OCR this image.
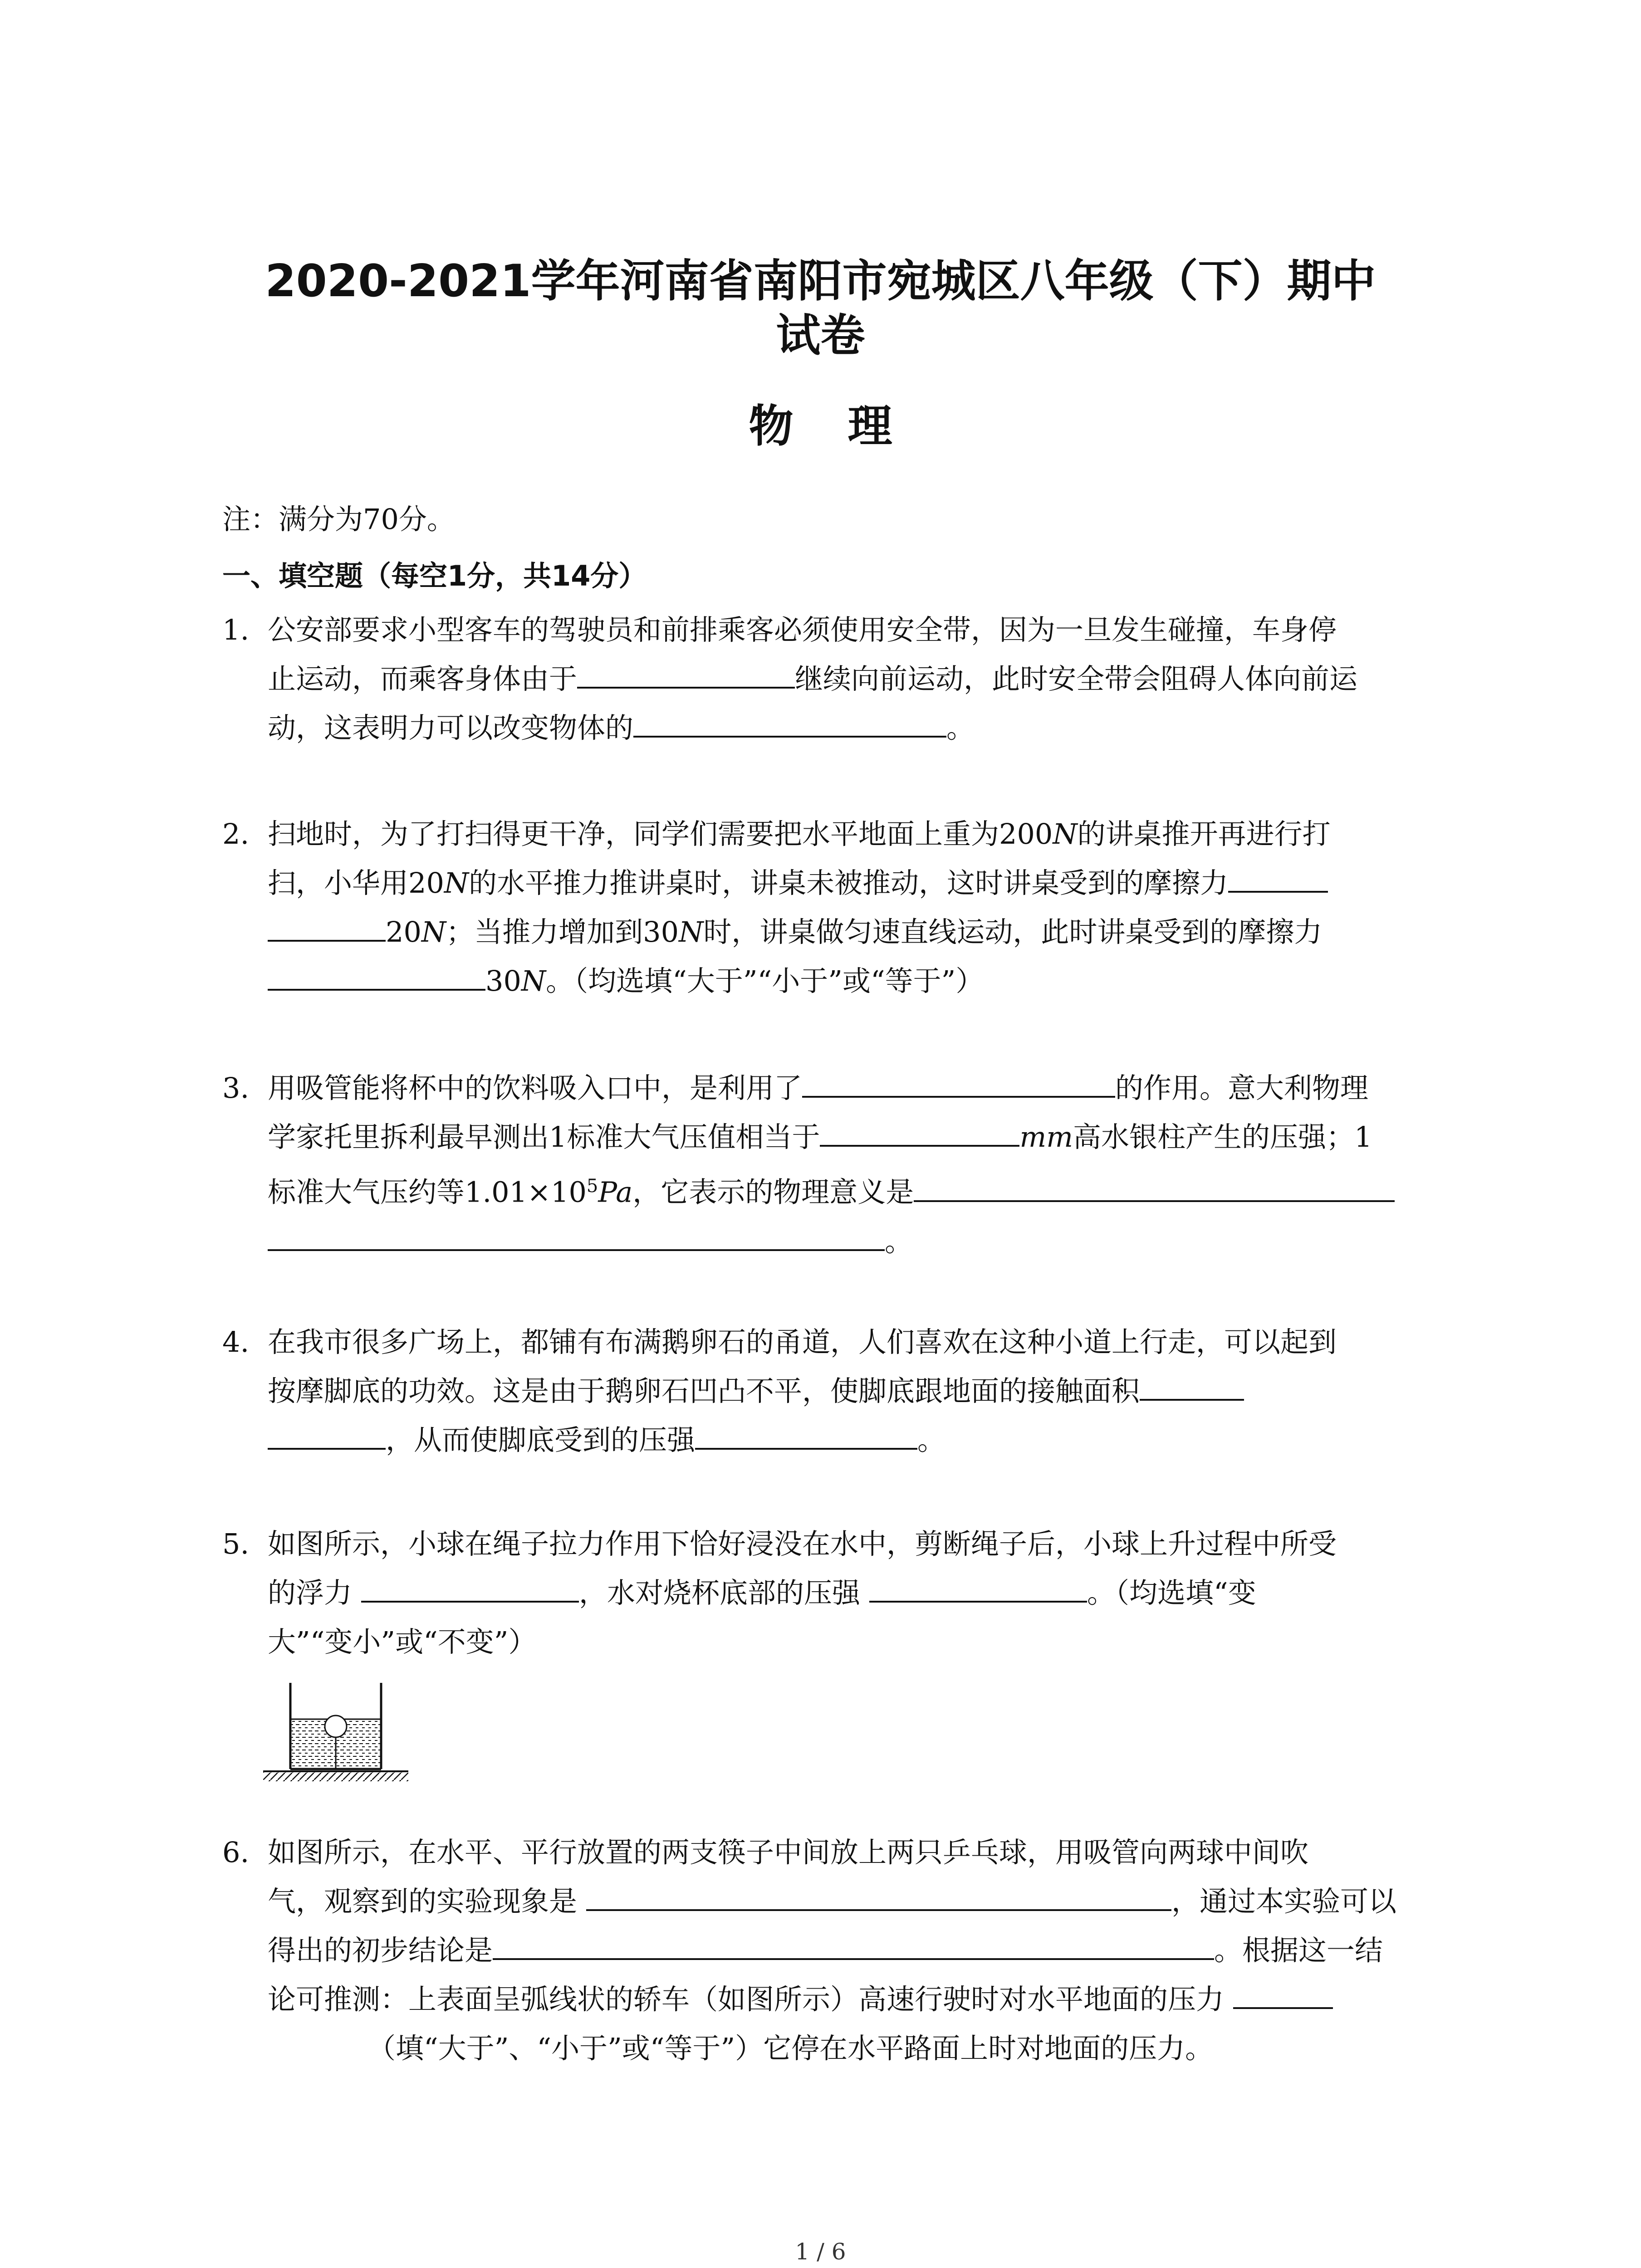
2020-2021学年河南省南阳市宛城区八年级（下）期中
试卷
物理
注：满分为70分。
一、填空题（每空1分，共14分）
1. 公安部要求小型客车的驾驶员和前排乘客必须使用安全带，因为一旦发生碰撞，车身停
止运动，而乘客身体由于	继续向前运动，此时安全带会阻碍人体向前运
动，这表明力可以改变物体的	。
2. 扫地时，为了打扫得更干净，同学们需要把水平地面上重为200N的讲桌推开再进行打
扫，小华用20N的水平推力推讲桌时，讲桌未被推动，这时讲桌受到的摩擦力
20N；当推力增加到30N时，讲桌做匀速直线运动，此时讲桌受到的摩擦力
30N。（均选填“大于”“小于”或“等于”）
3. 用吸管能将杯中的饮料吸入口中，是利用了	的作用。意大利物理
学家托里拆利最早测出1标准大气压值相当于	mm高水银柱产生的压强；1
标准大气压约等$1.01\times 10^5Pa$，它表示的物理意义是
。
4. 在我市很多广场上，都铺有布满鹅卵石的甬道，人们喜欢在这种小道上行走，可以起到
按摩脚底的功效。这是由于鹅卵石凹凸不平，使脚底跟地面的接触面积
，从而使脚底受到的压强	。
5. 如图所示，小球在绳子拉力作用下恰好浸没在水中，剪断绳子后，小球上升过程中所受
的浮力	，水对烧杯底部的压强	。（均选填“变
大”“变小”或“不变”）
6. 如图所示，在水平、平行放置的两支筷子中间放上两只乒乓球，用吸管向两球中间吹
气，观察到的实验现象是	，通过本实验可以
得出的初步结论是	。根据这一结
论可推测：上表面呈弧线状的轿车（如图所示）高速行驶时对水平地面的压力
（填“大于”、“小于”或“等于”）它停在水平路面上时对地面的压力。
1 / 6
